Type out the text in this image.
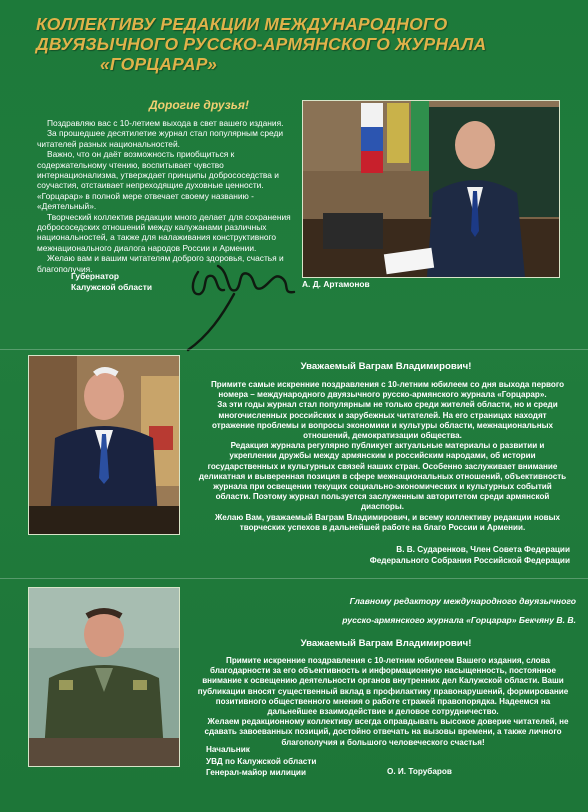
КОЛЛЕКТИВУ РЕДАКЦИИ МЕЖДУНАРОДНОГО
ДВУЯЗЫЧНОГО РУССКО-АРМЯНСКОГО ЖУРНАЛА
«ГОРЦАРАР»
Дорогие друзья!

Поздравляю вас с 10-летием выхода в свет вашего издания.

За прошедшее десятилетие журнал стал популярным среди читателей разных национальностей.

Важно, что он даёт возможность приобщиться к содержательному чтению, воспитывает чувство интернационализма, утверждает принципы добрососедства и соучастия, отстаивает непреходящие духовные ценности. «Горцарар» в полной мере отвечает своему названию - «Деятельный».

Творческий коллектив редакции много делает для сохранения добрососедских отношений между калужанами различных национальностей, а также для налаживания конструктивного межнационального диалога народов России и Армении.

Желаю вам и вашим читателям доброго здоровья, счастья и благополучия.

Губернатор
Калужской области	А. Д. Артамонов
Уважаемый Ваграм Владимирович!

Примите самые искренние поздравления с 10-летним юбилеем со дня выхода первого номера – международного двуязычного русско-армянского журнала «Горцарар».

За эти годы журнал стал популярным не только среди жителей области, но и среди многочисленных российских и зарубежных читателей. На его страницах находят отражение проблемы и вопросы экономики и культуры области, межнациональных отношений, демократизации общества.

Редакция журнала регулярно публикует актуальные материалы о развитии и укреплении дружбы между армянским и российским народами, об истории государственных и культурных связей наших стран. Особенно заслуживает внимание деликатная и выверенная позиция в сфере межнациональных отношений, объективность журнала при освещении текущих социально-экономических и культурных событий области. Поэтому журнал пользуется заслуженным авторитетом среди армянской диаспоры.

Желаю Вам, уважаемый Ваграм Владимирович, и всему коллективу редакции новых творческих успехов в дальнейшей работе на благо России и Армении.

В. В. Сударенков, Член Совета Федерации
Федерального Собрания Российской Федерации
Главному редактору международного двуязычного
русско-армянского журнала «Горцарар» Бекчяну В. В.
Уважаемый Ваграм Владимирович!

Примите искренние поздравления с 10-летним юбилеем Вашего издания, слова благодарности за его объективность и информационную насыщенность, постоянное внимание к освещению деятельности органов внутренних дел Калужской области. Ваши публикации вносят существенный вклад в профилактику правонарушений, формирование позитивного общественного мнения о работе стражей правопорядка. Надеемся на дальнейшее взаимодействие и деловое сотрудничество.

Желаем редакционному коллективу всегда оправдывать высокое доверие читателей, не сдавать завоеванных позиций, достойно отвечать на вызовы времени, а также личного благополучия и большого человеческого счастья!

Начальник
УВД по Калужской области
Генерал-майор милиции	О. И. Торубаров
